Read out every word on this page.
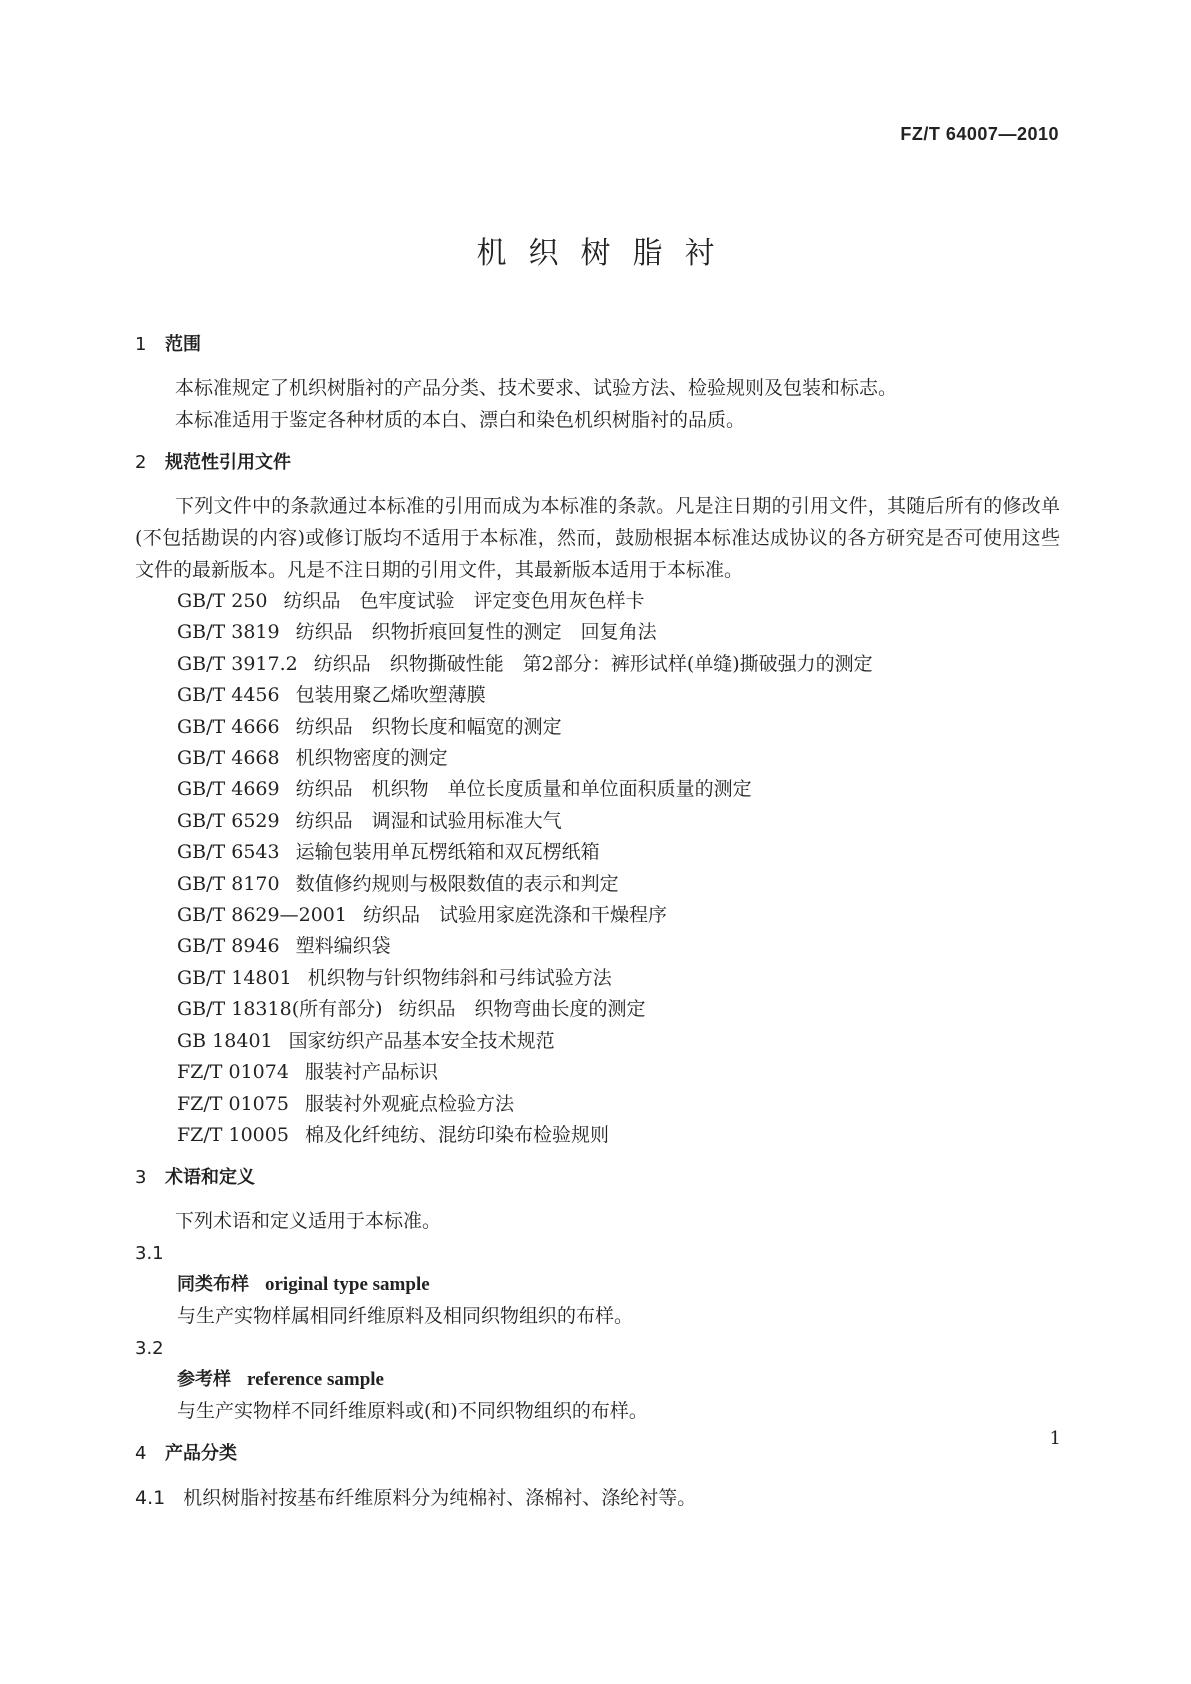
FZ/T 64007—2010
机织树脂衬
1 范围

本标准规定了机织树脂衬的产品分类、技术要求、试验方法、检验规则及包装和标志。

本标准适用于鉴定各种材质的本白、漂白和染色机织树脂衬的品质。

2 规范性引用文件

下列文件中的条款通过本标准的引用而成为本标准的条款。凡是注日期的引用文件，其随后所有的修改单(不包括勘误的内容)或修订版均不适用于本标准，然而，鼓励根据本标准达成协议的各方研究是否可使用这些文件的最新版本。凡是不注日期的引用文件，其最新版本适用于本标准。

GB/T 250 纺织品　色牢度试验　评定变色用灰色样卡
GB/T 3819 纺织品　织物折痕回复性的测定　回复角法
GB/T 3917.2 纺织品　织物撕破性能　第2部分：裤形试样(单缝)撕破强力的测定
GB/T 4456 包装用聚乙烯吹塑薄膜
GB/T 4666 纺织品　织物长度和幅宽的测定
GB/T 4668 机织物密度的测定
GB/T 4669 纺织品　机织物　单位长度质量和单位面积质量的测定
GB/T 6529 纺织品　调湿和试验用标准大气
GB/T 6543 运输包装用单瓦楞纸箱和双瓦楞纸箱
GB/T 8170 数值修约规则与极限数值的表示和判定
GB/T 8629—2001 纺织品　试验用家庭洗涤和干燥程序
GB/T 8946 塑料编织袋
GB/T 14801 机织物与针织物纬斜和弓纬试验方法
GB/T 18318(所有部分) 纺织品　织物弯曲长度的测定
GB 18401 国家纺织产品基本安全技术规范
FZ/T 01074 服装衬产品标识
FZ/T 01075 服装衬外观疵点检验方法
FZ/T 10005 棉及化纤纯纺、混纺印染布检验规则
3 术语和定义

下列术语和定义适用于本标准。

3.1
同类布样 original type sample
与生产实物样属相同纤维原料及相同织物组织的布样。
3.2
参考样 reference sample
与生产实物样不同纤维原料或(和)不同织物组织的布样。
4 产品分类
4.1 机织树脂衬按基布纤维原料分为纯棉衬、涤棉衬、涤纶衬等。
1
